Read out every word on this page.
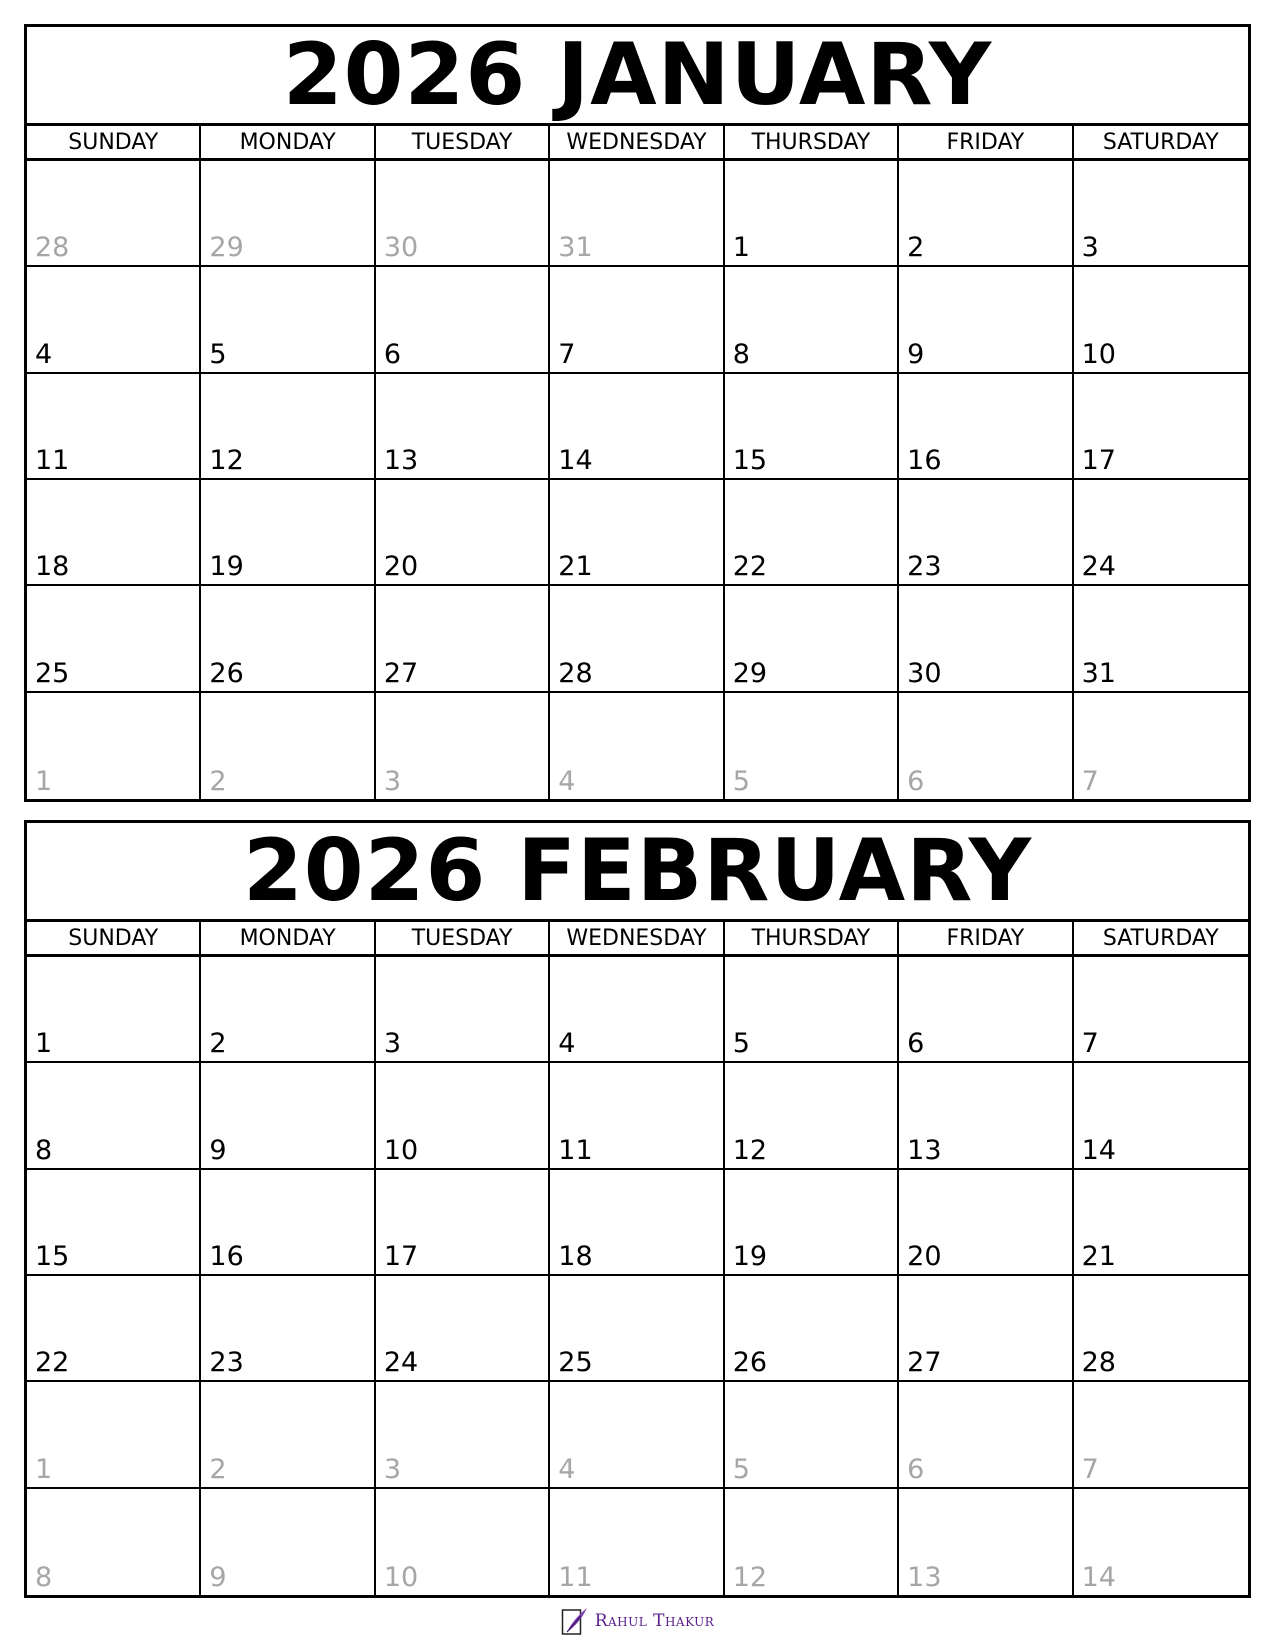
2026 JANUARY
SUNDAY	MONDAY	TUESDAY	WEDNESDAY	THURSDAY	FRIDAY	SATURDAY
28	29	30	31	1	2	3
4	5	6	7	8	9	10
11	12	13	14	15	16	17
18	19	20	21	22	23	24
25	26	27	28	29	30	31
1	2	3	4	5	6	7
2026 FEBRUARY
SUNDAY	MONDAY	TUESDAY	WEDNESDAY	THURSDAY	FRIDAY	SATURDAY
1	2	3	4	5	6	7
8	9	10	11	12	13	14
15	16	17	18	19	20	21
22	23	24	25	26	27	28
1	2	3	4	5	6	7
8	9	10	11	12	13	14
Rahul Thakur
